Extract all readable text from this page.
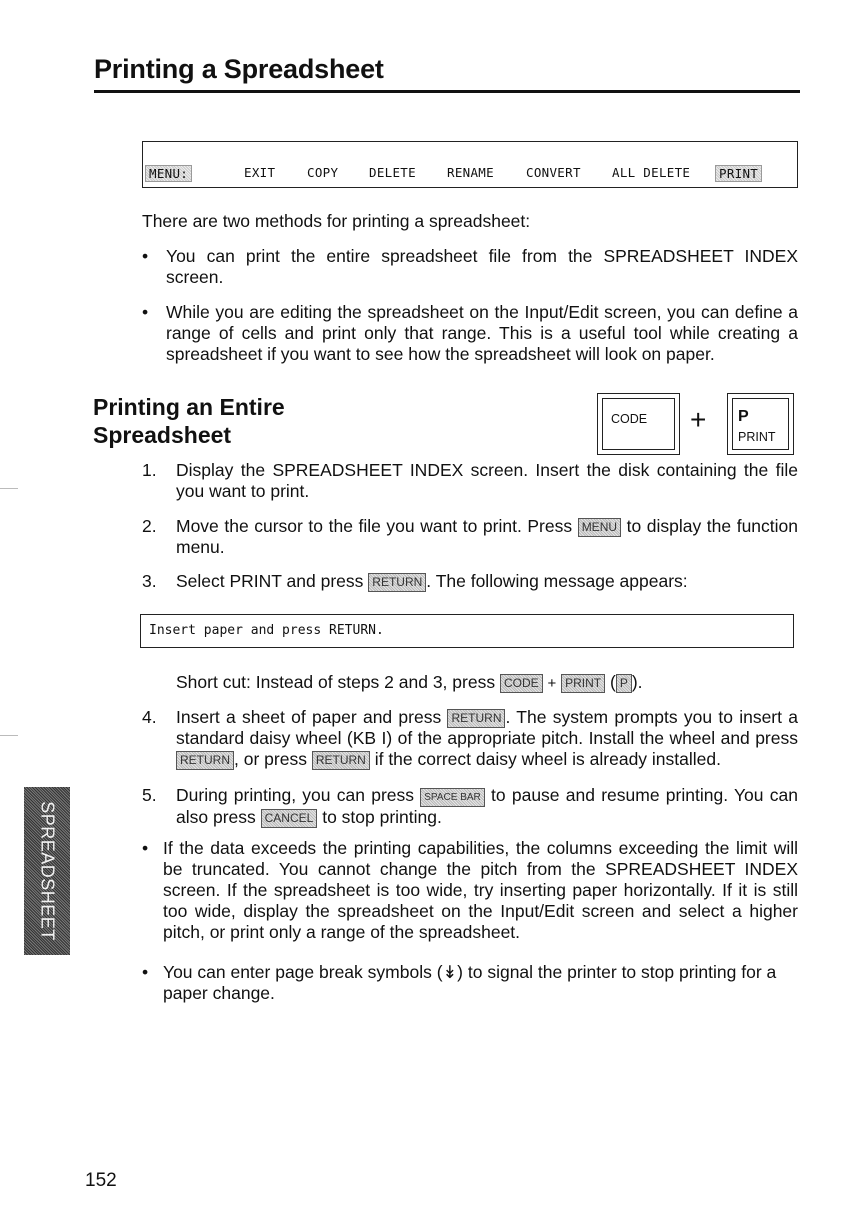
Printing a Spreadsheet
MENU:	EXIT	COPY DELETE RENAME	CONVERT ALL DELETE	PRINT
There are two methods for printing a spreadsheet:
• You can print the entire spreadsheet file from the SPREADSHEET INDEX screen.
• While you are editing the spreadsheet on the Input/Edit screen, you can define a range of cells and print only that range. This is a useful tool while creating a spreadsheet if you want to see how the spreadsheet will look on paper.
Printing an Entire
Spreadsheet
CODE + P
PRINT
1. Display the SPREADSHEET INDEX screen. Insert the disk containing the file you want to print.
2. Move the cursor to the file you want to print. Press MENU to display the function menu.
3. Select PRINT and press RETURN . The following message appears:
Insert paper and press RETURN.
Short cut: Instead of steps 2 and 3, press CODE + PRINT ( P ).
4. Insert a sheet of paper and press RETURN . The system prompts you to insert a standard daisy wheel (KB I) of the appropriate pitch. Install the wheel and press RETURN , or press RETURN if the correct daisy wheel is already installed.
5. During printing, you can press SPACE BAR to pause and resume printing. You can also press CANCEL to stop printing.
• If the data exceeds the printing capabilities, the columns exceeding the limit will be truncated. You cannot change the pitch from the SPREADSHEET INDEX screen. If the spreadsheet is too wide, try inserting paper horizontally. If it is still too wide, display the spreadsheet on the Input/Edit screen and select a higher pitch, or print only a range of the spreadsheet.
• You can enter page break symbols (↡) to signal the printer to stop printing for a paper change.
SPREADSHEET
152
